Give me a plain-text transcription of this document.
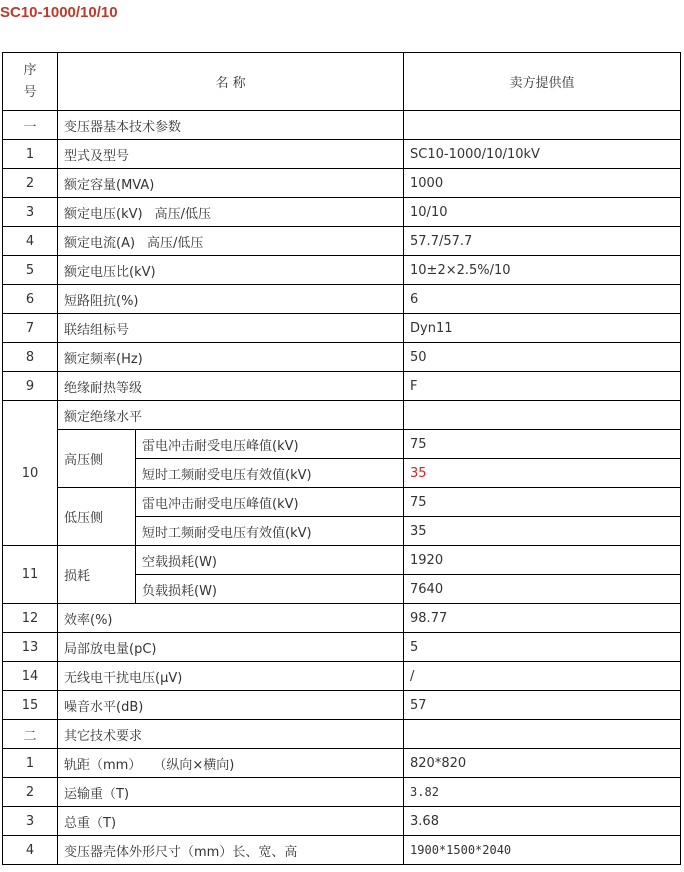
SC10-1000/10/10
序
号	名 称		卖方提供值
一	变压器基本技术参数		
1	型式及型号		SC10-1000/10/10kV
2	额定容量(MVA)		1000
3	额定电压(kV) 高压/低压		10/10
4	额定电流(A) 高压/低压		57.7/57.7
5	额定电压比(kV)		10±2×2.5%/10
6	短路阻抗(%)		6
7	联结组标号		Dyn11
8	额定频率(Hz)		50
9	绝缘耐热等级		F
10	额定绝缘水平		
	高压侧	雷电冲击耐受电压峰值(kV)	75
		短时工频耐受电压有效值(kV)	35
	低压侧	雷电冲击耐受电压峰值(kV)	75
		短时工频耐受电压有效值(kV)	35
11	损耗	空载损耗(W)	1920
		负载损耗(W)	7640
12	效率(%)		98.77
13	局部放电量(pC)		5
14	无线电干扰电压(μV)		/
15	噪音水平(dB)		57
二	其它技术要求		
1	轨距（mm） （纵向×横向)		820*820
2	运输重（T)		3.82
3	总重（T)		3.68
4	变压器壳体外形尺寸（mm）长、宽、高		1900*1500*2040
